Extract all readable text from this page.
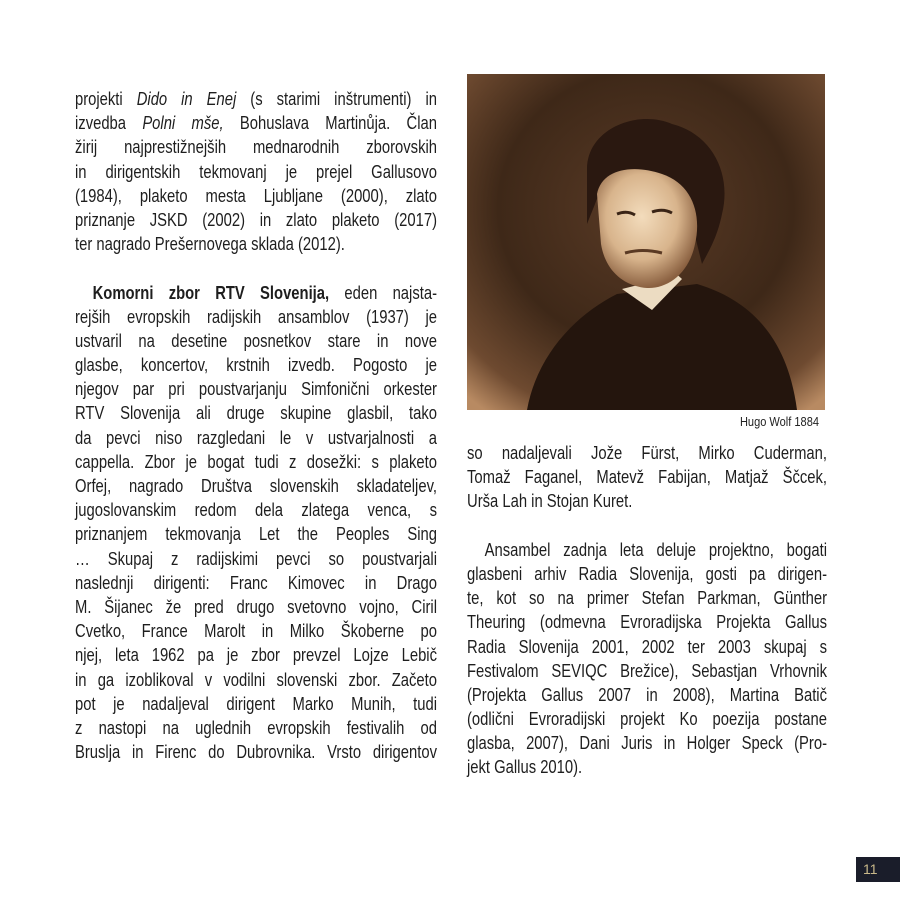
projekti Dido in Enej (s starimi inštrumenti) in
izvedba Polni mše, Bohuslava Martinůja. Član
žirij najprestižnejših mednarodnih zborovskih
in dirigentskih tekmovanj je prejel Gallusovo
(1984), plaketo mesta Ljubljane (2000), zlato
priznanje JSKD (2002) in zlato plaketo (2017)
ter nagrado Prešernovega sklada (2012).
Komorni zbor RTV Slovenija, eden najsta-
rejših evropskih radijskih ansamblov (1937) je
ustvaril na desetine posnetkov stare in nove
glasbe, koncertov, krstnih izvedb. Pogosto je
njegov par pri poustvarjanju Simfonični orkester
RTV Slovenija ali druge skupine glasbil, tako
da pevci niso razgledani le v ustvarjalnosti a
cappella. Zbor je bogat tudi z dosežki: s plaketo
Orfej, nagrado Društva slovenskih skladateljev,
jugoslovanskim redom dela zlatega venca, s
priznanjem tekmovanja Let the Peoples Sing
… Skupaj z radijskimi pevci so poustvarjali
naslednji dirigenti: Franc Kimovec in Drago
M. Šijanec že pred drugo svetovno vojno, Ciril
Cvetko, France Marolt in Milko Škoberne po
njej, leta 1962 pa je zbor prevzel Lojze Lebič
in ga izoblikoval v vodilni slovenski zbor. Začeto
pot je nadaljeval dirigent Marko Munih, tudi
z nastopi na uglednih evropskih festivalih od
Bruslja in Firenc do Dubrovnika. Vrsto dirigentov
Hugo Wolf 1884
so nadaljevali Jože Fürst, Mirko Cuderman,
Tomaž Faganel, Matevž Fabijan, Matjaž Ščcek,
Urša Lah in Stojan Kuret.
Ansambel zadnja leta deluje projektno, bogati
glasbeni arhiv Radia Slovenija, gosti pa dirigen-
te, kot so na primer Stefan Parkman, Günther
Theuring (odmevna Evroradijska Projekta Gallus
Radia Slovenija 2001, 2002 ter 2003 skupaj s
Festivalom SEVIQC Brežice), Sebastjan Vrhovnik
(Projekta Gallus 2007 in 2008), Martina Batič
(odlični Evroradijski projekt Ko poezija postane
glasba, 2007), Dani Juris in Holger Speck (Pro-
jekt Gallus 2010).
11
